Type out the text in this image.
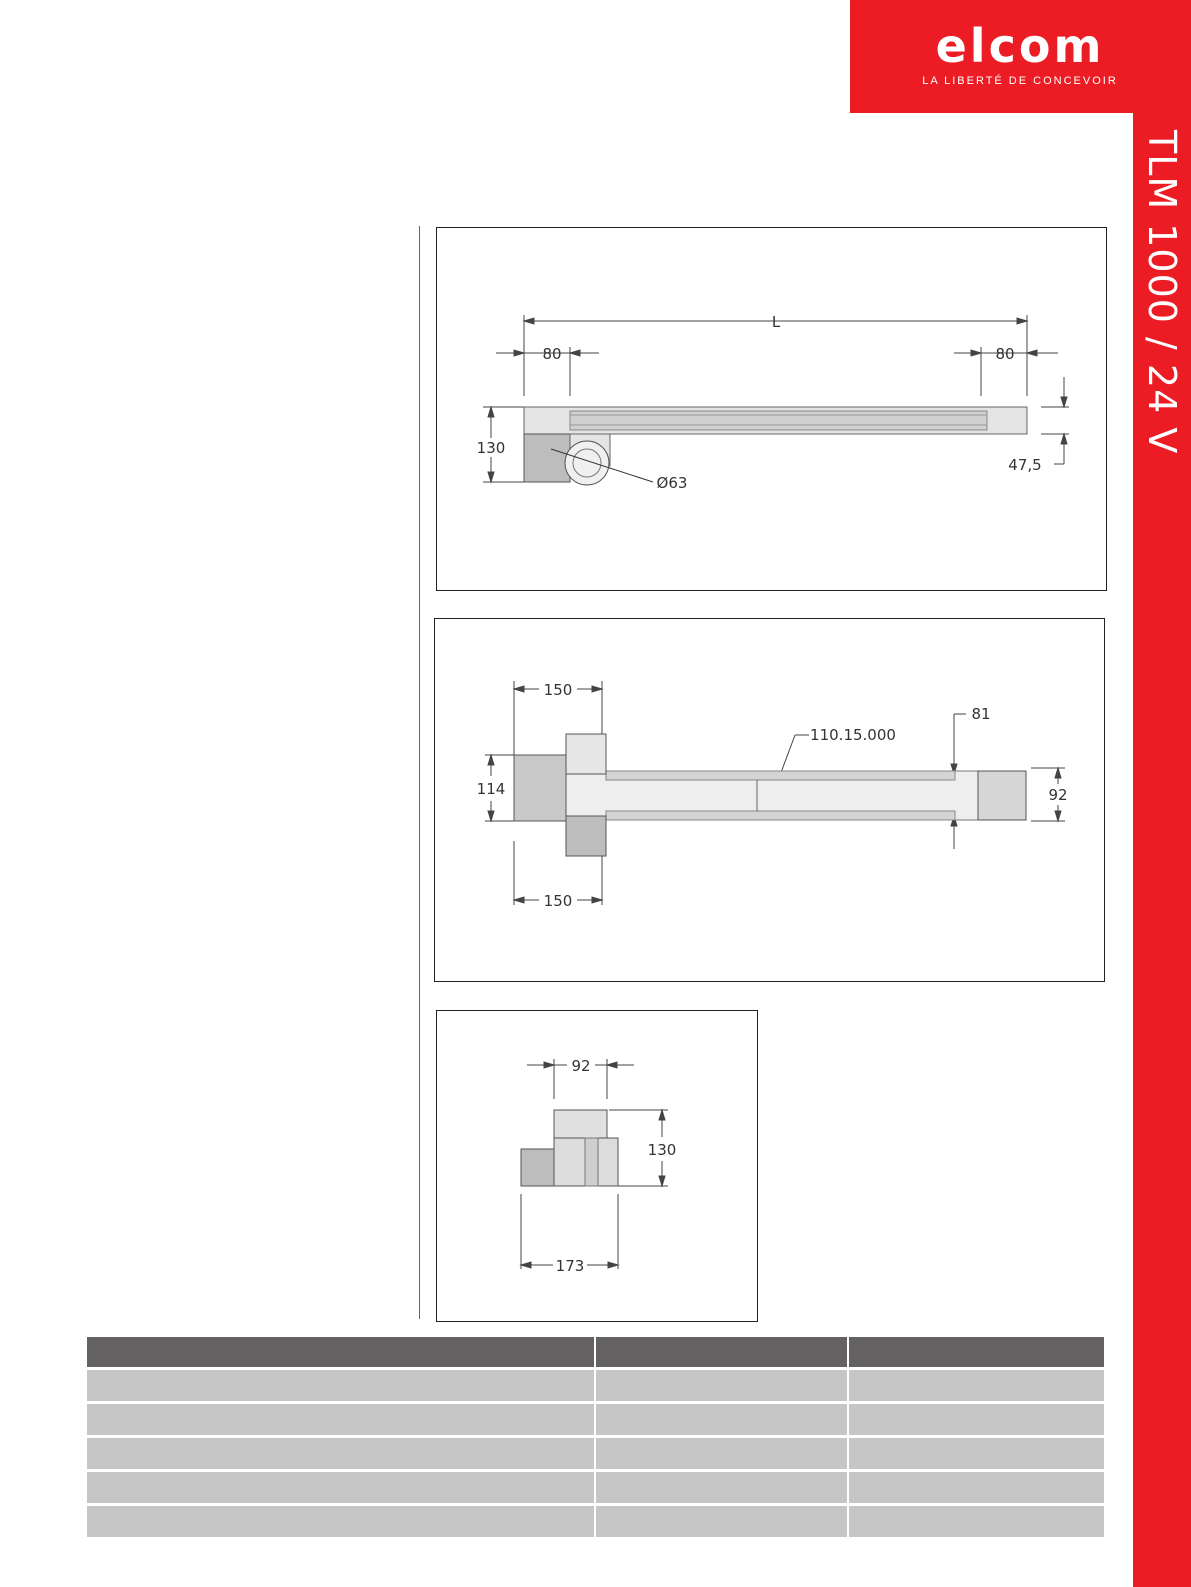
elcom
LA LIBERTÉ DE CONCEVOIR
TLM 1000 / 24 V
80	80
L
130
47,5
Ø63
150
150
114	92
81
110.15.000
92
130
173
